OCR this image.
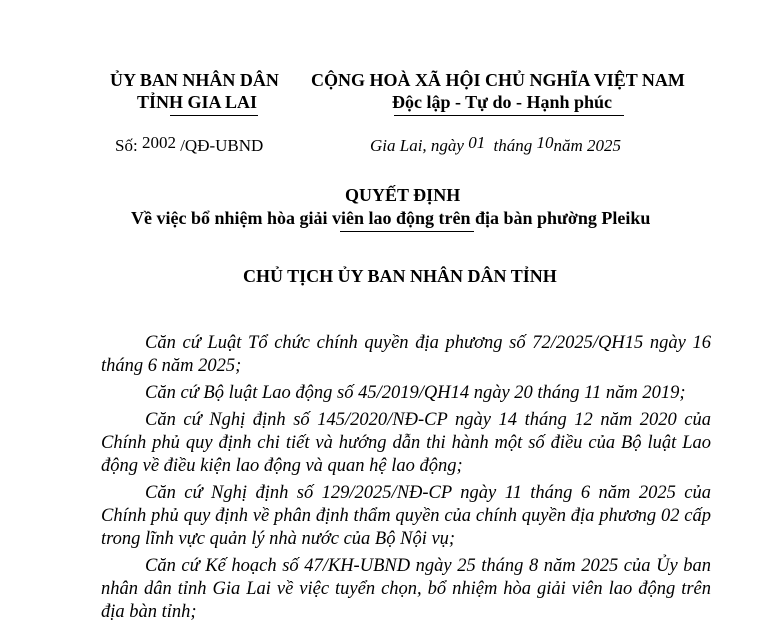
ỦY BAN NHÂN DÂN
TỈNH GIA LAI
CỘNG HOÀ XÃ HỘI CHỦ NGHĨA VIỆT NAM
Độc lập - Tự do - Hạnh phúc
Số: 2002 /QĐ-UBND	Gia Lai, ngày 01 tháng 10năm 2025
QUYẾT ĐỊNH
Về việc bổ nhiệm hòa giải viên lao động trên địa bàn phường Pleiku
CHỦ TỊCH ỦY BAN NHÂN DÂN TỈNH

Căn cứ Luật Tổ chức chính quyền địa phương số 72/2025/QH15 ngày 16 tháng 6 năm 2025;

Căn cứ Bộ luật Lao động số 45/2019/QH14 ngày 20 tháng 11 năm 2019;

Căn cứ Nghị định số 145/2020/NĐ-CP ngày 14 tháng 12 năm 2020 của Chính phủ quy định chi tiết và hướng dẫn thi hành một số điều của Bộ luật Lao động về điều kiện lao động và quan hệ lao động;

Căn cứ Nghị định số 129/2025/NĐ-CP ngày 11 tháng 6 năm 2025 của Chính phủ quy định về phân định thẩm quyền của chính quyền địa phương 02 cấp trong lĩnh vực quản lý nhà nước của Bộ Nội vụ;

Căn cứ Kế hoạch số 47/KH-UBND ngày 25 tháng 8 năm 2025 của Ủy ban nhân dân tỉnh Gia Lai về việc tuyển chọn, bổ nhiệm hòa giải viên lao động trên địa bàn tỉnh;
